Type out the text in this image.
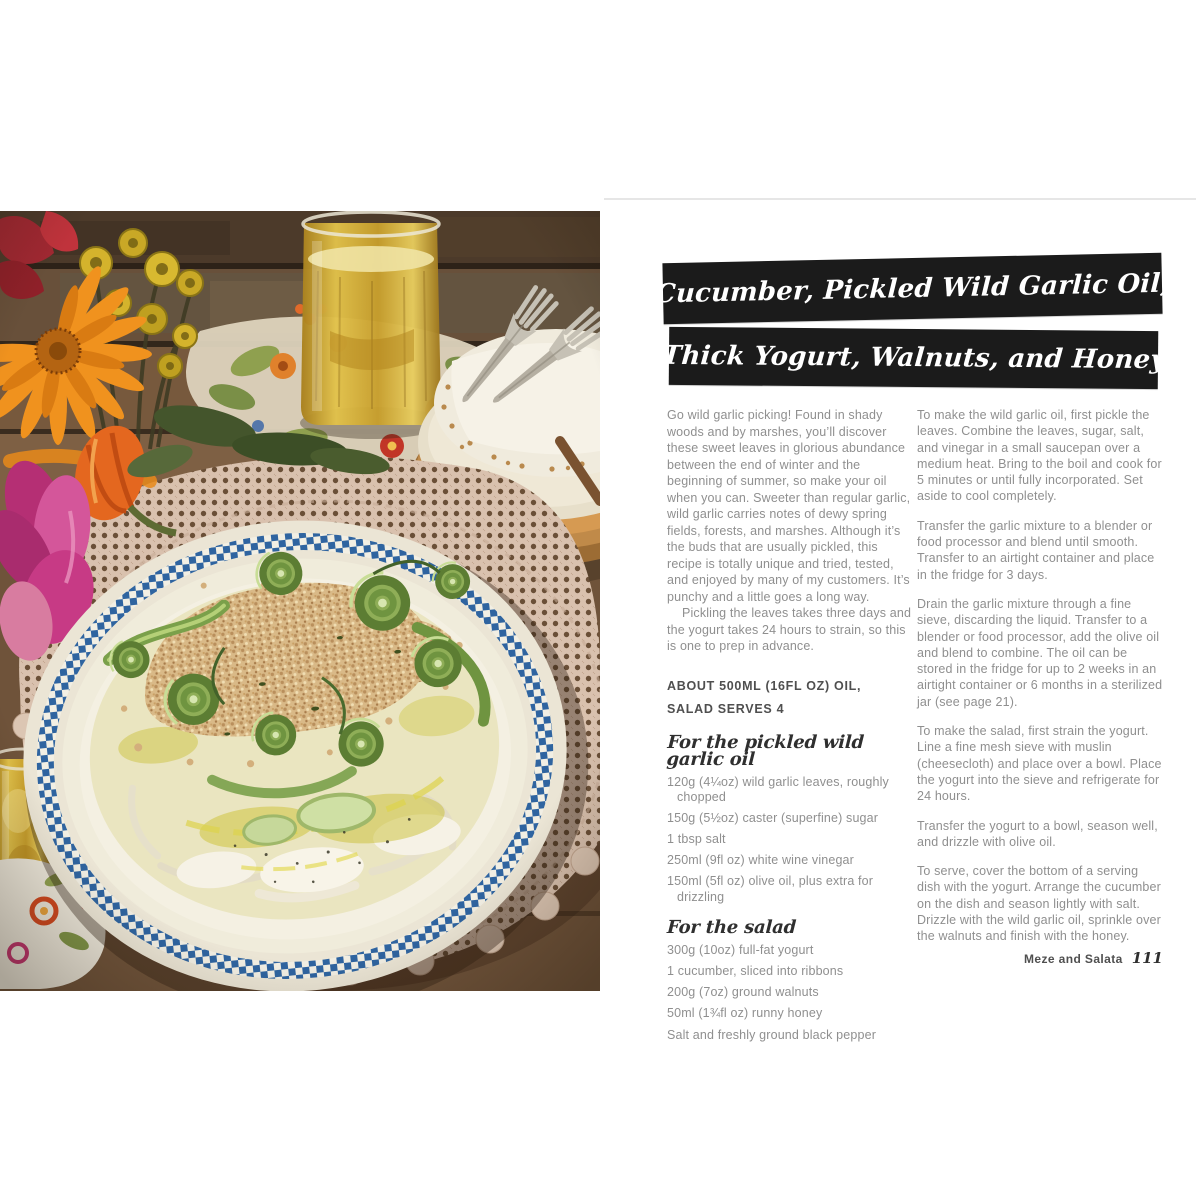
Cucumber, Pickled Wild Garlic Oil,
Thick Yogurt, Walnuts, and Honey

Go wild garlic picking! Found in shady woods and by marshes, you’ll discover these sweet leaves in glorious abundance between the end of winter and the beginning of summer, so make your oil when you can. Sweeter than regular garlic, wild garlic carries notes of dewy spring fields, forests, and marshes. Although it’s the buds that are usually pickled, this recipe is totally unique and tried, tested, and enjoyed by many of my customers. It’s punchy and a little goes a long way.

Pickling the leaves takes three days and the yogurt takes 24 hours to strain, so this is one to prep in advance.

ABOUT 500ML (16FL OZ) OIL,
SALAD SERVES 4
For the pickled wild garlic oil
120g (4¼oz) wild garlic leaves, roughly chopped
150g (5½oz) caster (superfine) sugar
1 tbsp salt
250ml (9fl oz) white wine vinegar
150ml (5fl oz) olive oil, plus extra for drizzling
For the salad
300g (10oz) full-fat yogurt
1 cucumber, sliced into ribbons
200g (7oz) ground walnuts
50ml (1¾fl oz) runny honey
Salt and freshly ground black pepper

To make the wild garlic oil, first pickle the leaves. Combine the leaves, sugar, salt, and vinegar in a small saucepan over a medium heat. Bring to the boil and cook for 5 minutes or until fully incorporated. Set aside to cool completely.

Transfer the garlic mixture to a blender or food processor and blend until smooth. Transfer to an airtight container and place in the fridge for 3 days.

Drain the garlic mixture through a fine sieve, discarding the liquid. Transfer to a blender or food processor, add the olive oil and blend to combine. The oil can be stored in the fridge for up to 2 weeks in an airtight container or 6 months in a sterilized jar (see page 21).

To make the salad, first strain the yogurt. Line a fine mesh sieve with muslin (cheesecloth) and place over a bowl. Place the yogurt into the sieve and refrigerate for 24 hours.

Transfer the yogurt to a bowl, season well, and drizzle with olive oil.

To serve, cover the bottom of a serving dish with the yogurt. Arrange the cucumber on the dish and season lightly with salt. Drizzle with the wild garlic oil, sprinkle over the walnuts and finish with the honey.

Meze and Salata 111
